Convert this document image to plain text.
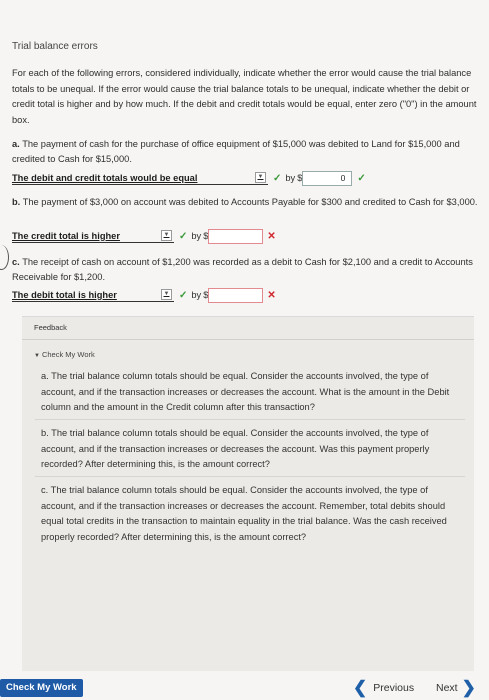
Trial balance errors
For each of the following errors, considered individually, indicate whether the error would cause the trial balance totals to be unequal. If the error would cause the trial balance totals to be unequal, indicate whether the debit or credit total is higher and by how much. If the debit and credit totals would be equal, enter zero ("0") in the amount box.
a. The payment of cash for the purchase of office equipment of $15,000 was debited to Land for $15,000 and credited to Cash for $15,000.
The debit and credit totals would be equal	▼ ✓ by $	0	✓
b. The payment of $3,000 on account was debited to Accounts Payable for $300 and credited to Cash for $3,000.
The credit total is higher	▼ ✓ by $	✕
c. The receipt of cash on account of $1,200 was recorded as a debit to Cash for $2,100 and a credit to Accounts Receivable for $1,200.
The debit total is higher	▼ ✓ by $	✕
Feedback
▼ Check My Work
a. The trial balance column totals should be equal. Consider the accounts involved, the type of account, and if the transaction increases or decreases the account. What is the amount in the Debit column and the amount in the Credit column after this transaction?
b. The trial balance column totals should be equal. Consider the accounts involved, the type of account, and if the transaction increases or decreases the account. Was this payment properly recorded? After determining this, is the amount correct?
c. The trial balance column totals should be equal. Consider the accounts involved, the type of account, and if the transaction increases or decreases the account. Remember, total debits should equal total credits in the transaction to maintain equality in the trial balance. Was the cash received properly recorded? After determining this, is the amount correct?
Check My Work	❮ Previous Next ❯
